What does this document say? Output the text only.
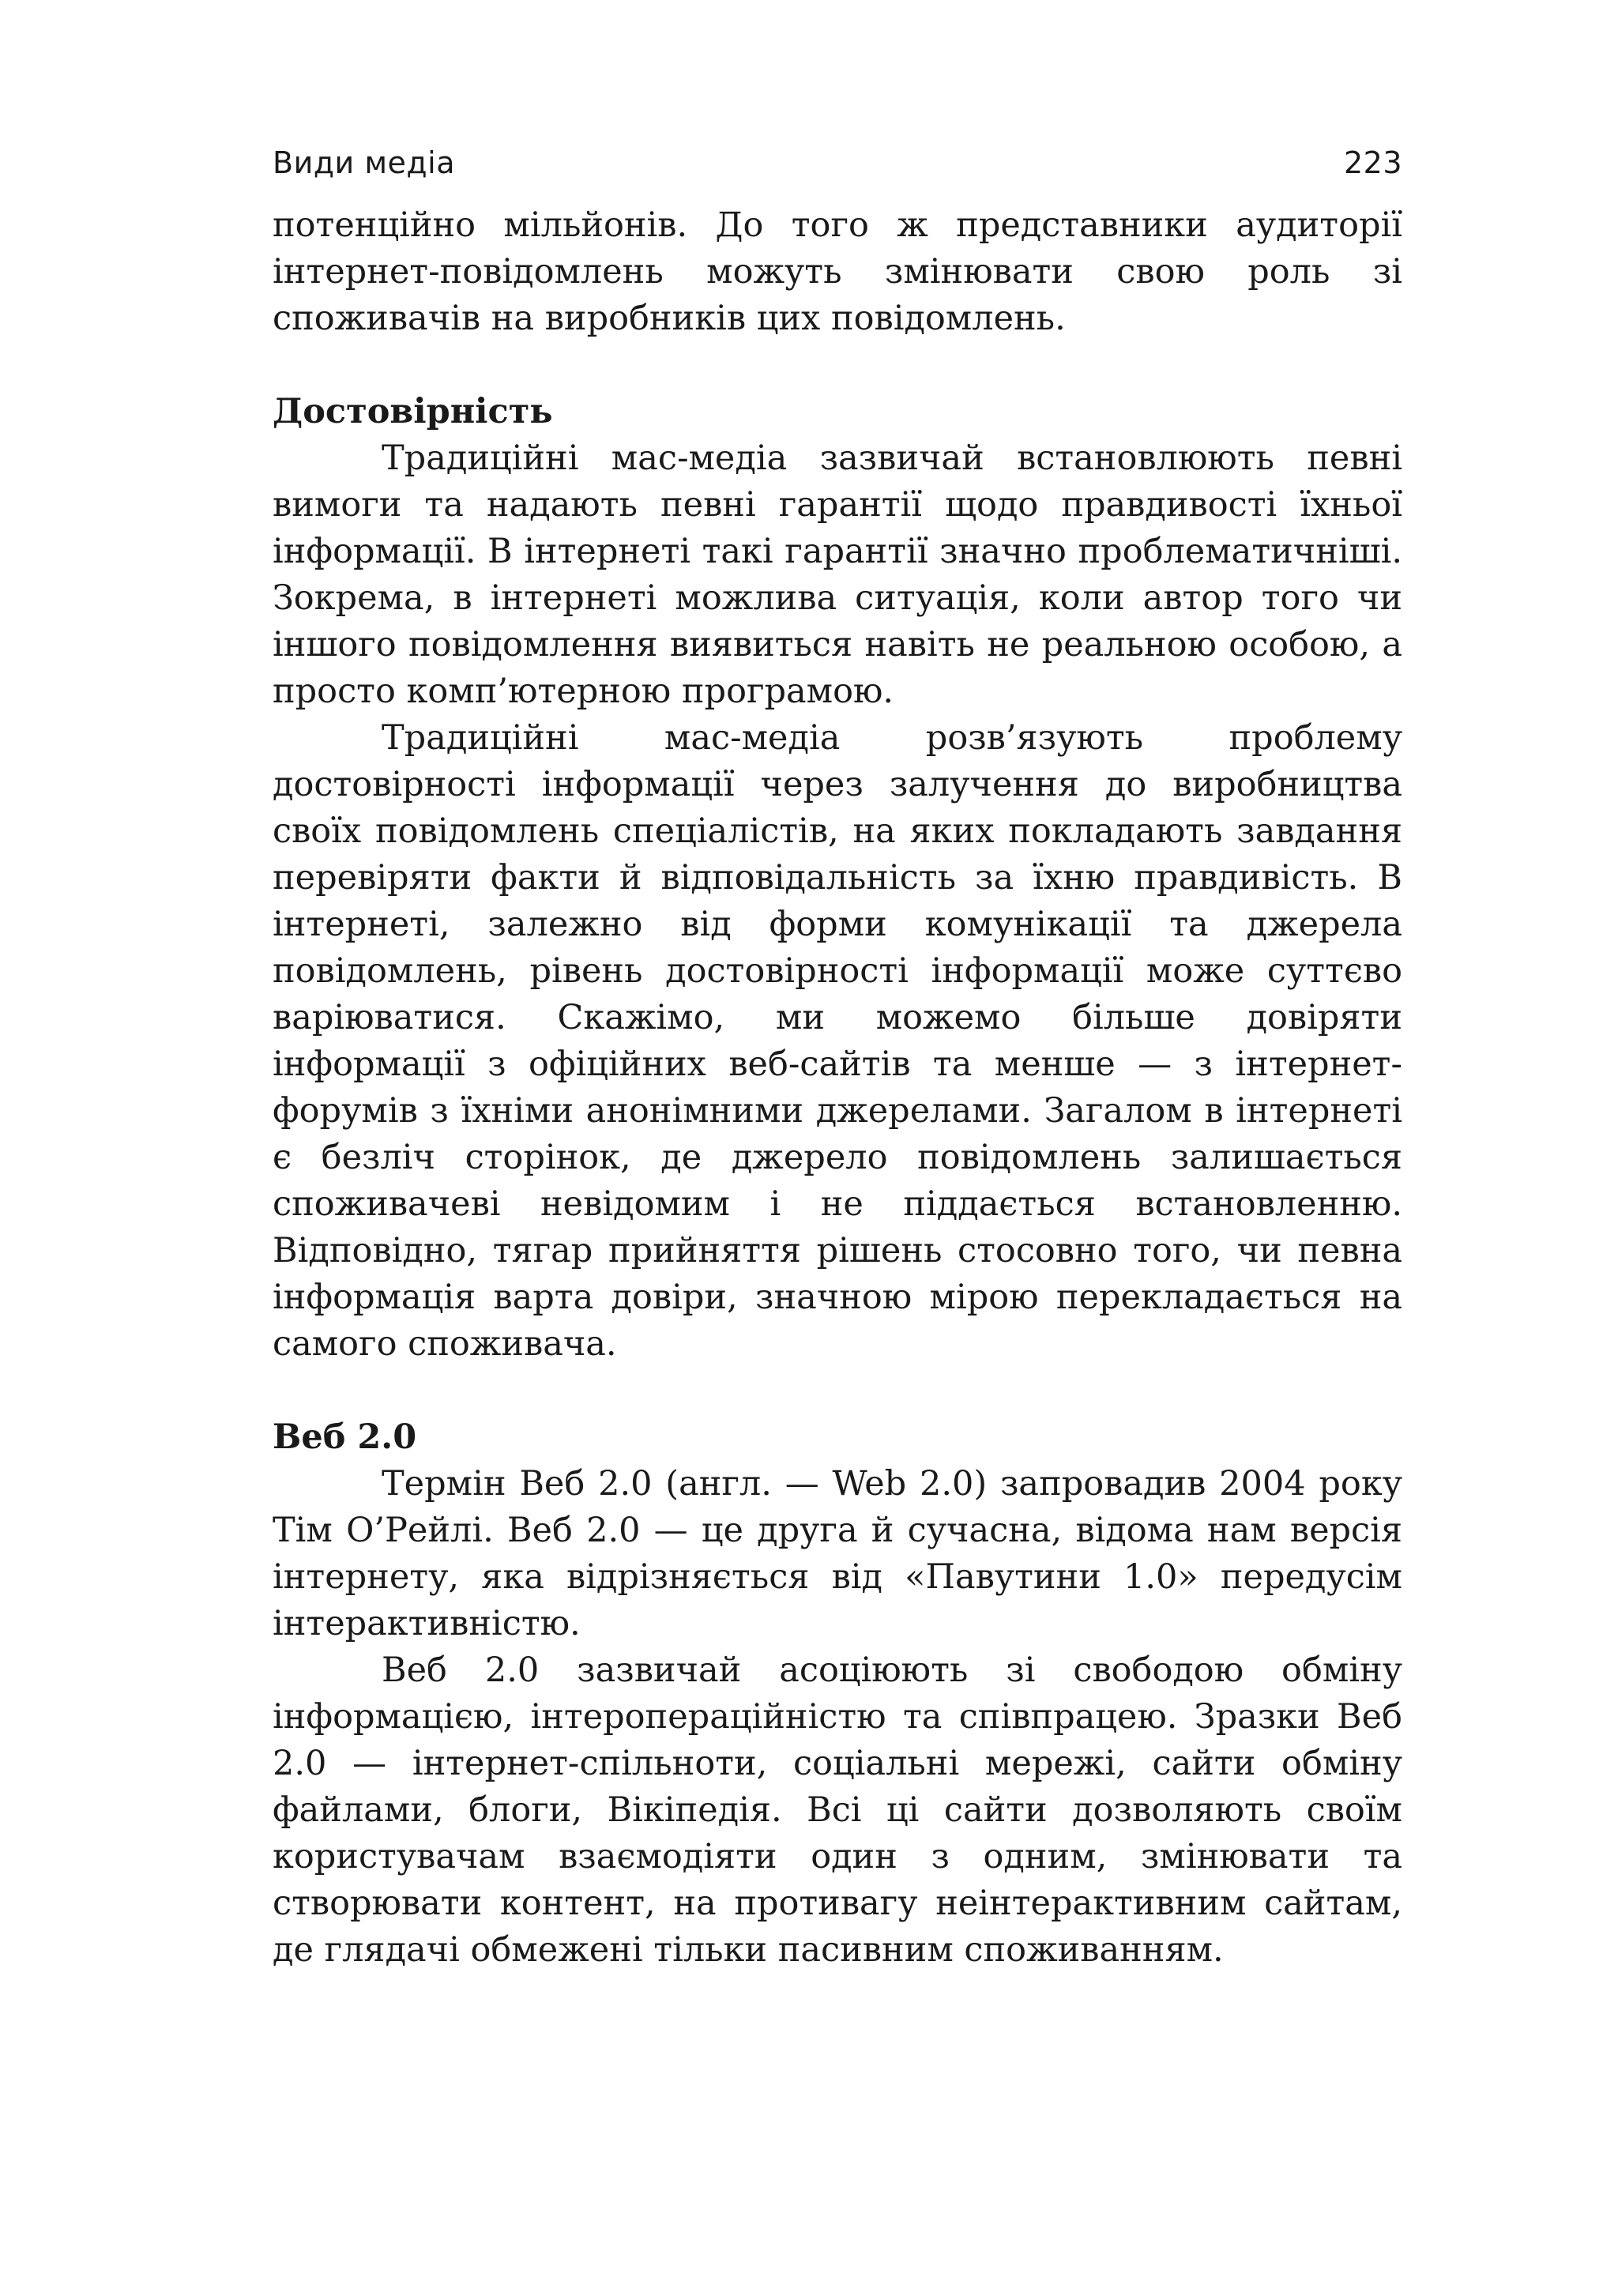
Види медіа	223

потенційно мільйонів. До того ж представники аудиторії інтернет-повідомлень можуть змінювати свою роль зі споживачів на виробників цих повідомлень.

Достовірність

Традиційні мас-медіа зазвичай встановлюють певні вимоги та надають певні гарантії щодо правдивості їхньої інформації. В інтернеті такі гарантії значно проблематичніші. Зокрема, в інтернеті можлива ситуація, коли автор того чи іншого повідомлення виявиться навіть не реальною особою, а просто комп’ютерною програмою.

Традиційні мас-медіа розв’язують проблему достовірності інформації через залучення до виробництва своїх повідомлень спеціалістів, на яких покладають завдання перевіряти факти й відповідальність за їхню правдивість. В інтернеті, залежно від форми комунікації та джерела повідомлень, рівень достовірності інформації може суттєво варіюватися. Скажімо, ми можемо більше довіряти інформації з офіційних веб-сайтів та менше — з інтернет-форумів з їхніми анонімними джерелами. Загалом в інтернеті є безліч сторінок, де джерело повідомлень залишається споживачеві невідомим і не піддається встановленню. Відповідно, тягар прийняття рішень стосовно того, чи певна інформація варта довіри, значною мірою перекладається на самого споживача.

Веб 2.0

Термін Веб 2.0 (англ. — Web 2.0) запровадив 2004 року Тім О’Рейлі. Веб 2.0 — це друга й сучасна, відома нам версія інтернету, яка відрізняється від «Павутини 1.0» передусім інтерактивністю.

Веб 2.0 зазвичай асоціюють зі свободою обміну інформацією, інтеропераційністю та співпрацею. Зразки Веб 2.0 — інтернет-спільноти, соціальні мережі, сайти обміну файлами, блоги, Вікіпедія. Всі ці сайти дозволяють своїм користувачам взаємодіяти один з одним, змінювати та створювати контент, на противагу неінтерактивним сайтам, де глядачі обмежені тільки пасивним споживанням.
